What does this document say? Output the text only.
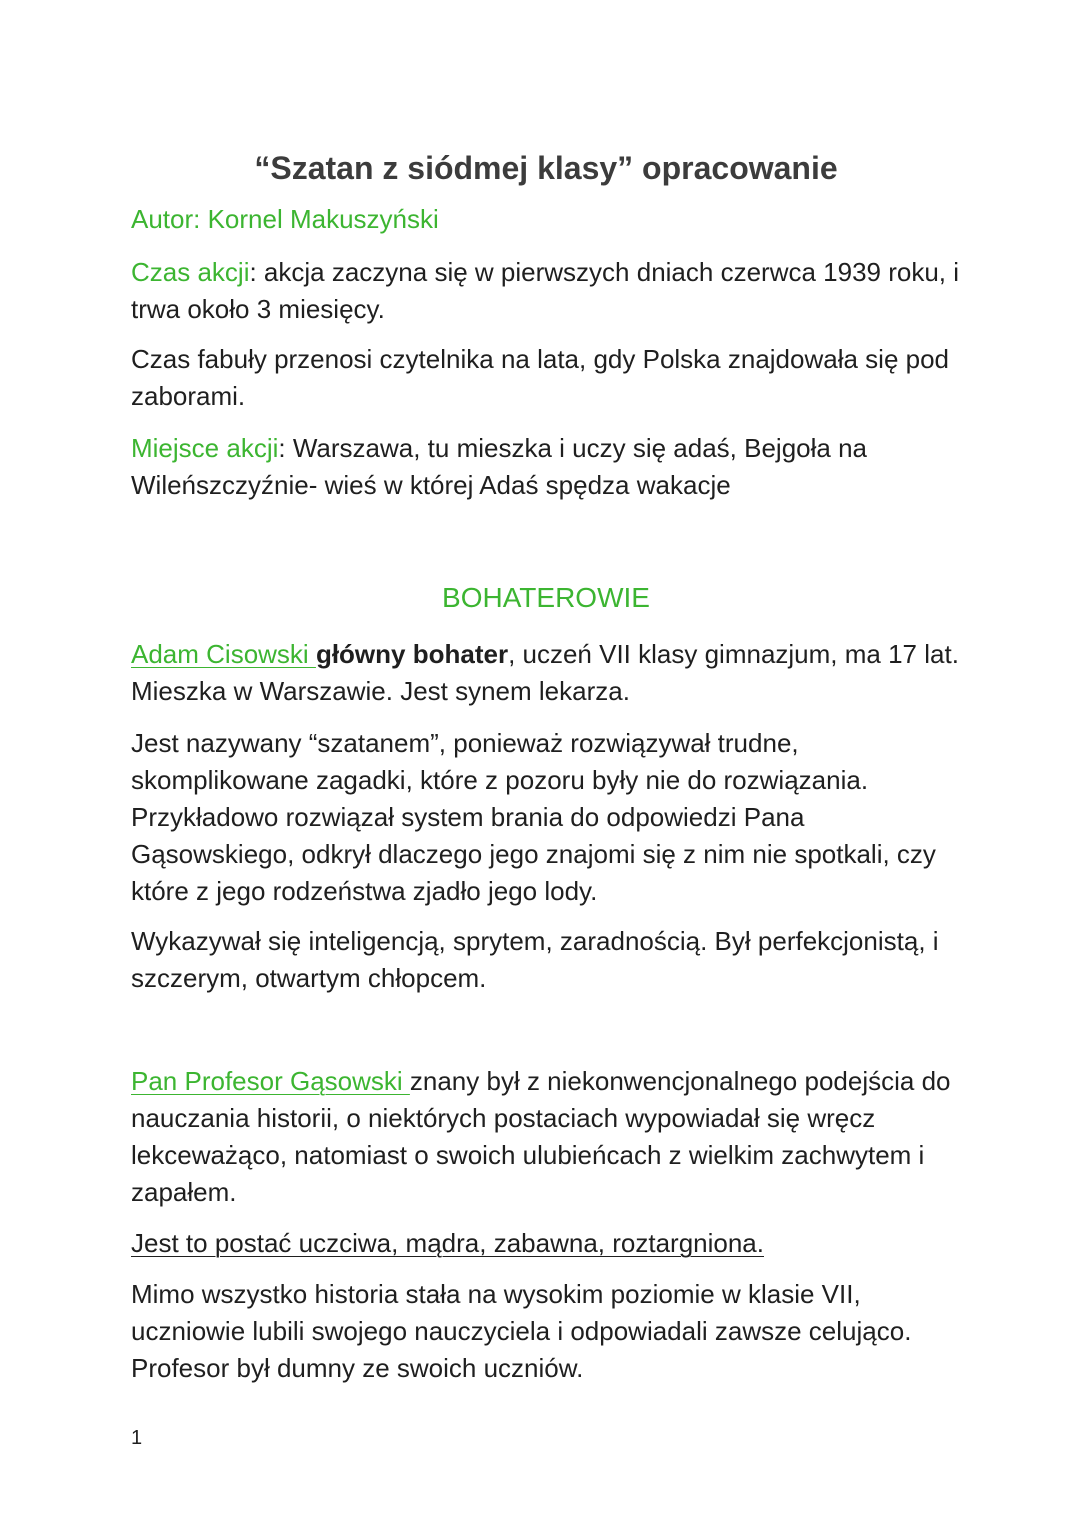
“Szatan z siódmej klasy” opracowanie
Autor: Kornel Makuszyński
Czas akcji: akcja zaczyna się w pierwszych dniach czerwca 1939 roku, i trwa około 3 miesięcy.
Czas fabuły przenosi czytelnika na lata, gdy Polska znajdowała się pod zaborami.
Miejsce akcji: Warszawa, tu mieszka i uczy się adaś, Bejgoła na Wileńszczyźnie- wieś w której Adaś spędza wakacje
BOHATEROWIE
Adam Cisowski główny bohater, uczeń VII klasy gimnazjum, ma 17 lat. Mieszka w Warszawie. Jest synem lekarza.
Jest nazywany “szatanem”, ponieważ rozwiązywał trudne, skomplikowane zagadki, które z pozoru były nie do rozwiązania. Przykładowo rozwiązał system brania do odpowiedzi Pana Gąsowskiego, odkrył dlaczego jego znajomi się z nim nie spotkali, czy które z jego rodzeństwa zjadło jego lody.
Wykazywał się inteligencją, sprytem, zaradnością. Był perfekcjonistą, i szczerym, otwartym chłopcem.
Pan Profesor Gąsowski znany był z niekonwencjonalnego podejścia do nauczania historii, o niektórych postaciach wypowiadał się wręcz lekceważąco, natomiast o swoich ulubieńcach z wielkim zachwytem i zapałem.
Jest to postać uczciwa, mądra, zabawna, roztargniona.
Mimo wszystko historia stała na wysokim poziomie w klasie VII, uczniowie lubili swojego nauczyciela i odpowiadali zawsze celująco. Profesor był dumny ze swoich uczniów.
1
